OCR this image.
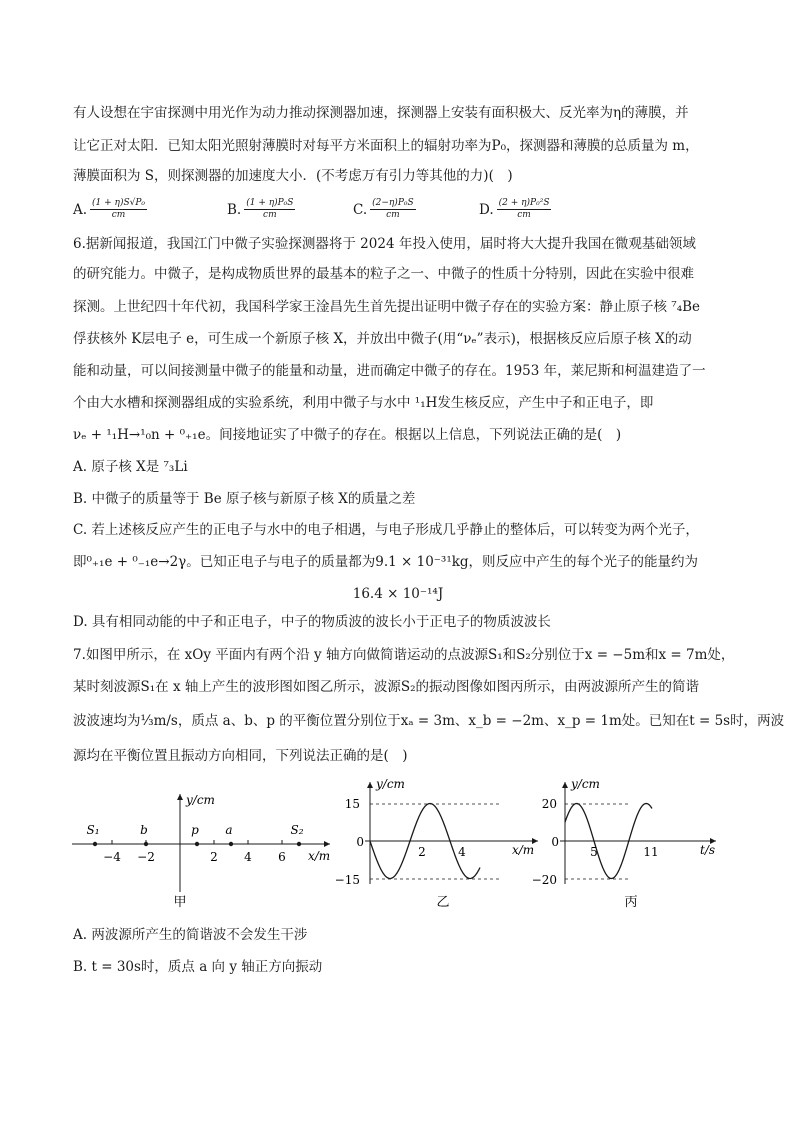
有人设想在宇宙探测中用光作为动力推动探测器加速，探测器上安装有面积极大、反光率为η的薄膜，并
让它正对太阳．已知太阳光照射薄膜时对每平方米面积上的辐射功率为P₀，探测器和薄膜的总质量为 m，
薄膜面积为 S，则探测器的加速度大小．(不考虑万有引力等其他的力)(　)
A. $\frac{\text{(1 + η)S√P₀}}{cm}$	B. $\frac{\text{(1 + η)P₀S}}{cm}$	C. $\frac{\text{(2−η)P₀S}}{cm}$	D. $\frac{\text{(2 + η)P₀²S}}{cm}$
6.据新闻报道，我国江门中微子实验探测器将于 2024 年投入使用，届时将大大提升我国在微观基础领域
的研究能力。中微子，是构成物质世界的最基本的粒子之一、中微子的性质十分特别，因此在实验中很难
探测。上世纪四十年代初，我国科学家王淦昌先生首先提出证明中微子存在的实验方案：静止原子核 ⁷₄Be
俘获核外 K层电子 e，可生成一个新原子核 X，并放出中微子(用“νₑ”表示)，根据核反应后原子核 X的动
能和动量，可以间接测量中微子的能量和动量，进而确定中微子的存在。1953 年，莱尼斯和柯温建造了一
个由大水槽和探测器组成的实验系统，利用中微子与水中 ¹₁H发生核反应，产生中子和正电子，即
νₑ + ¹₁H→¹₀n + ⁰₊₁e。间接地证实了中微子的存在。根据以上信息，下列说法正确的是(　)
A. 原子核 X是 ⁷₃Li
B. 中微子的质量等于 Be 原子核与新原子核 X的质量之差
C. 若上述核反应产生的正电子与水中的电子相遇，与电子形成几乎静止的整体后，可以转变为两个光子，
即⁰₊₁e + ⁰₋₁e→2γ。已知正电子与电子的质量都为9.1 × 10⁻³¹kg，则反应中产生的每个光子的能量约为
16.4 × 10⁻¹⁴J
D. 具有相同动能的中子和正电子，中子的物质波的波长小于正电子的物质波波长
7.如图甲所示，在 xOy 平面内有两个沿 y 轴方向做简谐运动的点波源S₁和S₂分别位于x = −5m和x = 7m处，
某时刻波源S₁在 x 轴上产生的波形图如图乙所示，波源S₂的振动图像如图丙所示，由两波源所产生的简谐
波波速均为⅓m/s，质点 a、b、p 的平衡位置分别位于xₐ = 3m、x_b = −2m、x_p = 1m处。已知在t = 5s时，两波
源均在平衡位置且振动方向相同，下列说法正确的是(　)
y/cm
x/m
−4 −2	2 4 6
S₁	b	p a	S₂
甲
y/cm
x/m
15
−15
0
2	4
乙
y/cm
t/s
20
−20
0
5	11
丙
A. 两波源所产生的简谐波不会发生干涉
B. t = 30s时，质点 a 向 y 轴正方向振动
